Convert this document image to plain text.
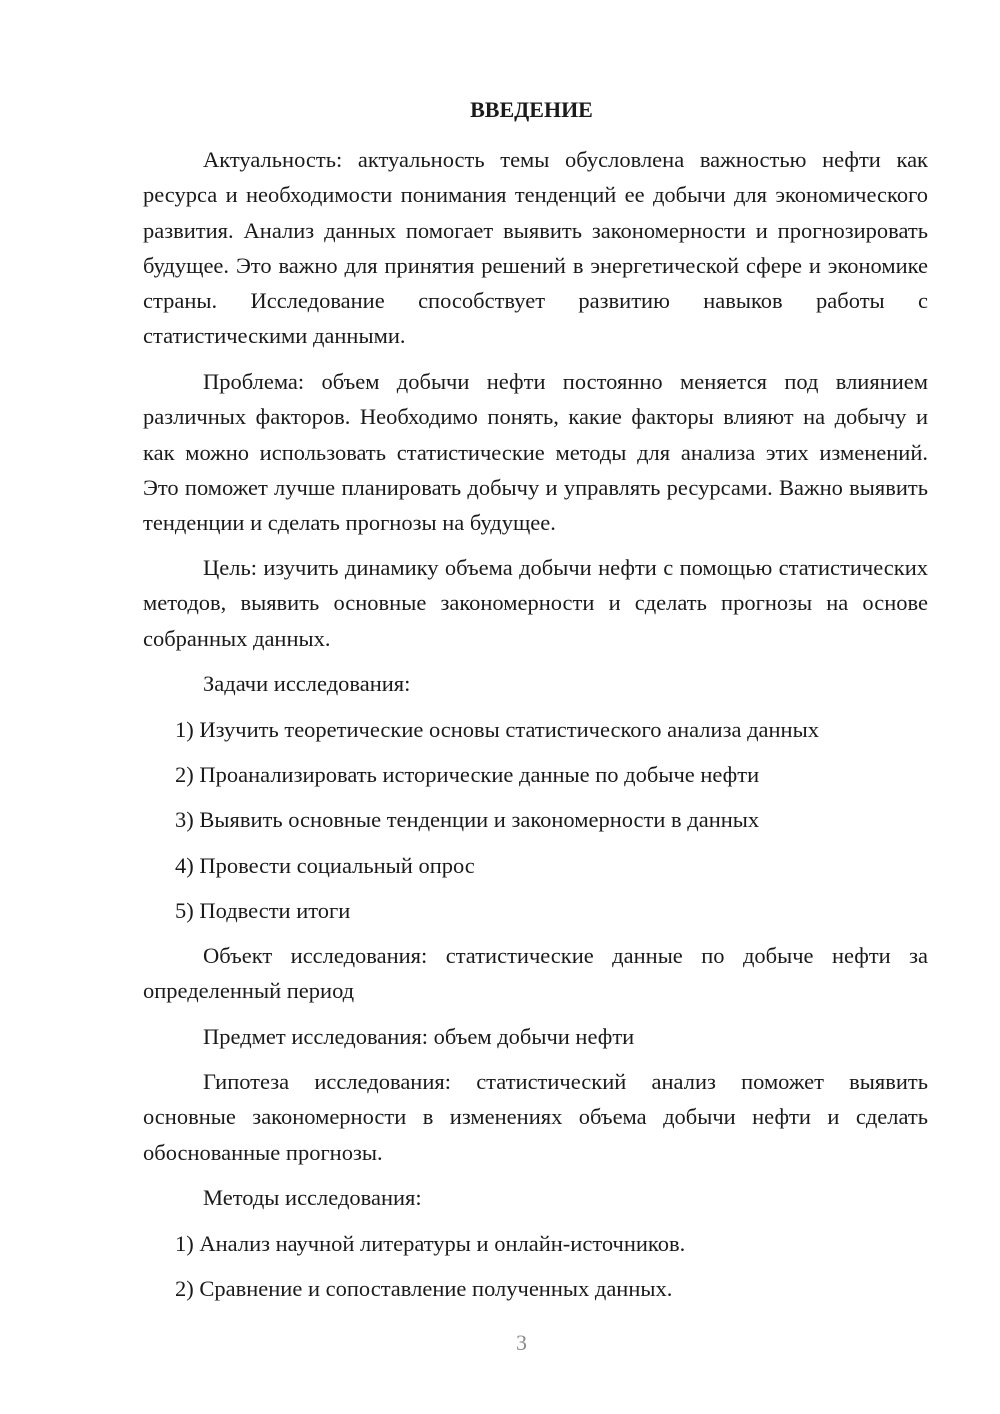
ВВЕДЕНИЕ

Актуальность: актуальность темы обусловлена важностью нефти как ресурса и необходимости понимания тенденций ее добычи для экономического развития. Анализ данных помогает выявить закономерности и прогнозировать будущее. Это важно для принятия решений в энергетической сфере и экономике страны. Исследование способствует развитию навыков работы с статистическими данными.

Проблема: объем добычи нефти постоянно меняется под влиянием различных факторов. Необходимо понять, какие факторы влияют на добычу и как можно использовать статистические методы для анализа этих изменений. Это поможет лучше планировать добычу и управлять ресурсами. Важно выявить тенденции и сделать прогнозы на будущее.

Цель: изучить динамику объема добычи нефти с помощью статистических методов, выявить основные закономерности и сделать прогнозы на основе собранных данных.

Задачи исследования:

1) Изучить теоретические основы статистического анализа данных

2) Проанализировать исторические данные по добыче нефти

3) Выявить основные тенденции и закономерности в данных

4) Провести социальный опрос

5) Подвести итоги

Объект исследования: статистические данные по добыче нефти за определенный период

Предмет исследования: объем добычи нефти

Гипотеза исследования: статистический анализ поможет выявить основные закономерности в изменениях объема добычи нефти и сделать обоснованные прогнозы.

Методы исследования:

1) Анализ научной литературы и онлайн-источников.

2) Сравнение и сопоставление полученных данных.

3
